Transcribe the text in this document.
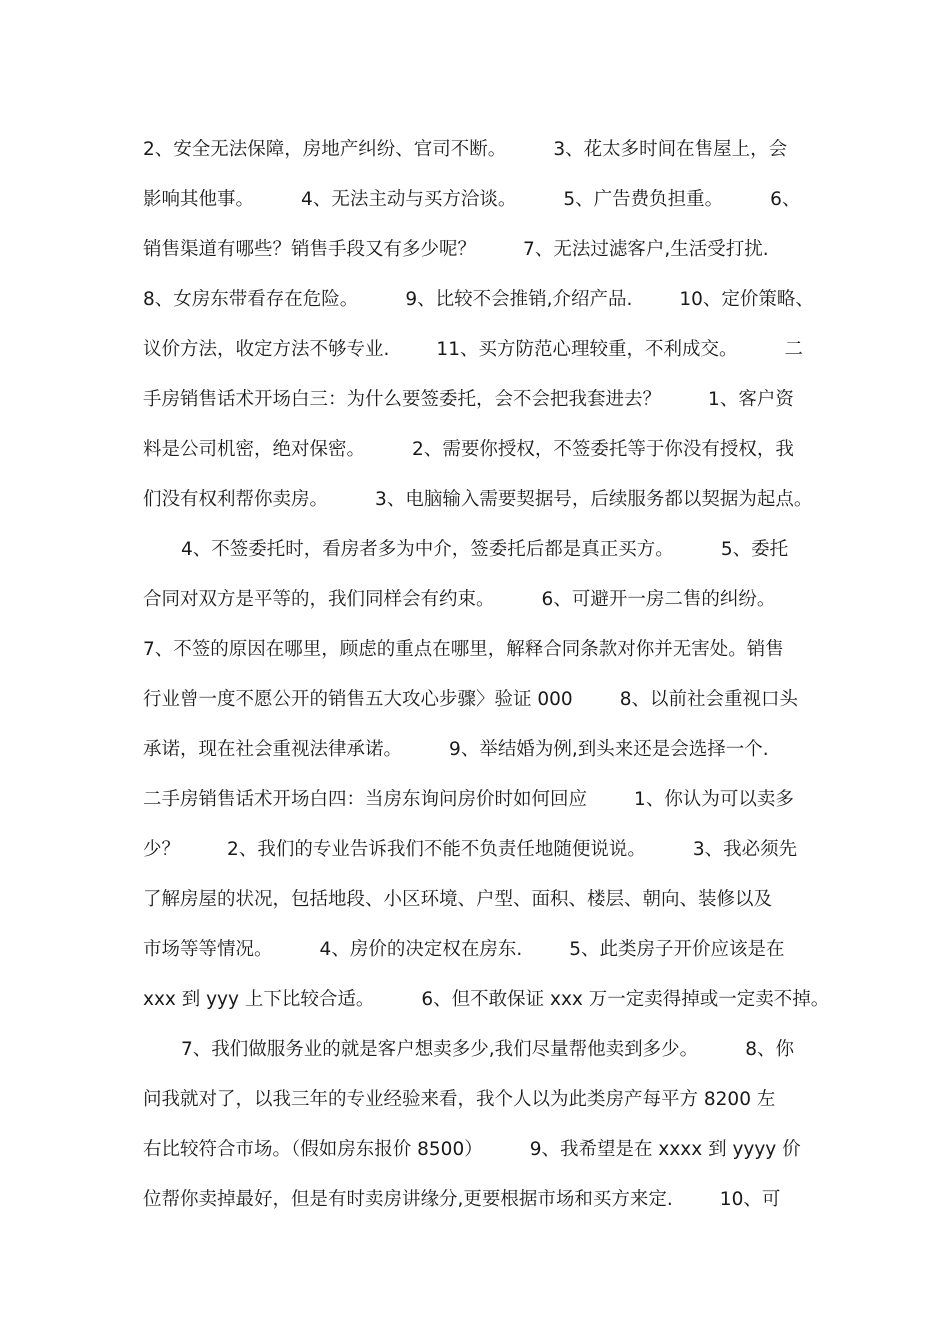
2、安全无法保障，房地产纠纷、官司不断。        3、花太多时间在售屋上，会
影响其他事。        4、无法主动与买方洽谈。        5、广告费负担重。        6、
销售渠道有哪些？销售手段又有多少呢？        7、无法过滤客户,生活受打扰.
8、女房东带看存在危险。        9、比较不会推销,介绍产品.        10、定价策略、
议价方法，收定方法不够专业.        11、买方防范心理较重，不利成交。        二
手房销售话术开场白三：为什么要签委托，会不会把我套进去？        1、客户资
料是公司机密，绝对保密。        2、需要你授权，不签委托等于你没有授权，我
们没有权利帮你卖房。        3、电脑输入需要契据号，后续服务都以契据为起点。
4、不签委托时，看房者多为中介，签委托后都是真正买方。        5、委托
合同对双方是平等的，我们同样会有约束。        6、可避开一房二售的纠纷。
7、不签的原因在哪里，顾虑的重点在哪里，解释合同条款对你并无害处。销售
行业曾一度不愿公开的销售五大攻心步骤〉验证 000        8、以前社会重视口头
承诺，现在社会重视法律承诺。        9、举结婚为例,到头来还是会选择一个.
二手房销售话术开场白四：当房东询问房价时如何回应        1、你认为可以卖多
少？        2、我们的专业告诉我们不能不负责任地随便说说。        3、我必须先
了解房屋的状况，包括地段、小区环境、户型、面积、楼层、朝向、装修以及
市场等等情况。        4、房价的决定权在房东.        5、此类房子开价应该是在
xxx 到 yyy 上下比较合适。        6、但不敢保证 xxx 万一定卖得掉或一定卖不掉。
7、我们做服务业的就是客户想卖多少,我们尽量帮他卖到多少。        8、你
问我就对了，以我三年的专业经验来看，我个人以为此类房产每平方 8200 左
右比较符合市场。（假如房东报价 8500）        9、我希望是在 xxxx 到 yyyy 价
位帮你卖掉最好，但是有时卖房讲缘分,更要根据市场和买方来定.        10、可
